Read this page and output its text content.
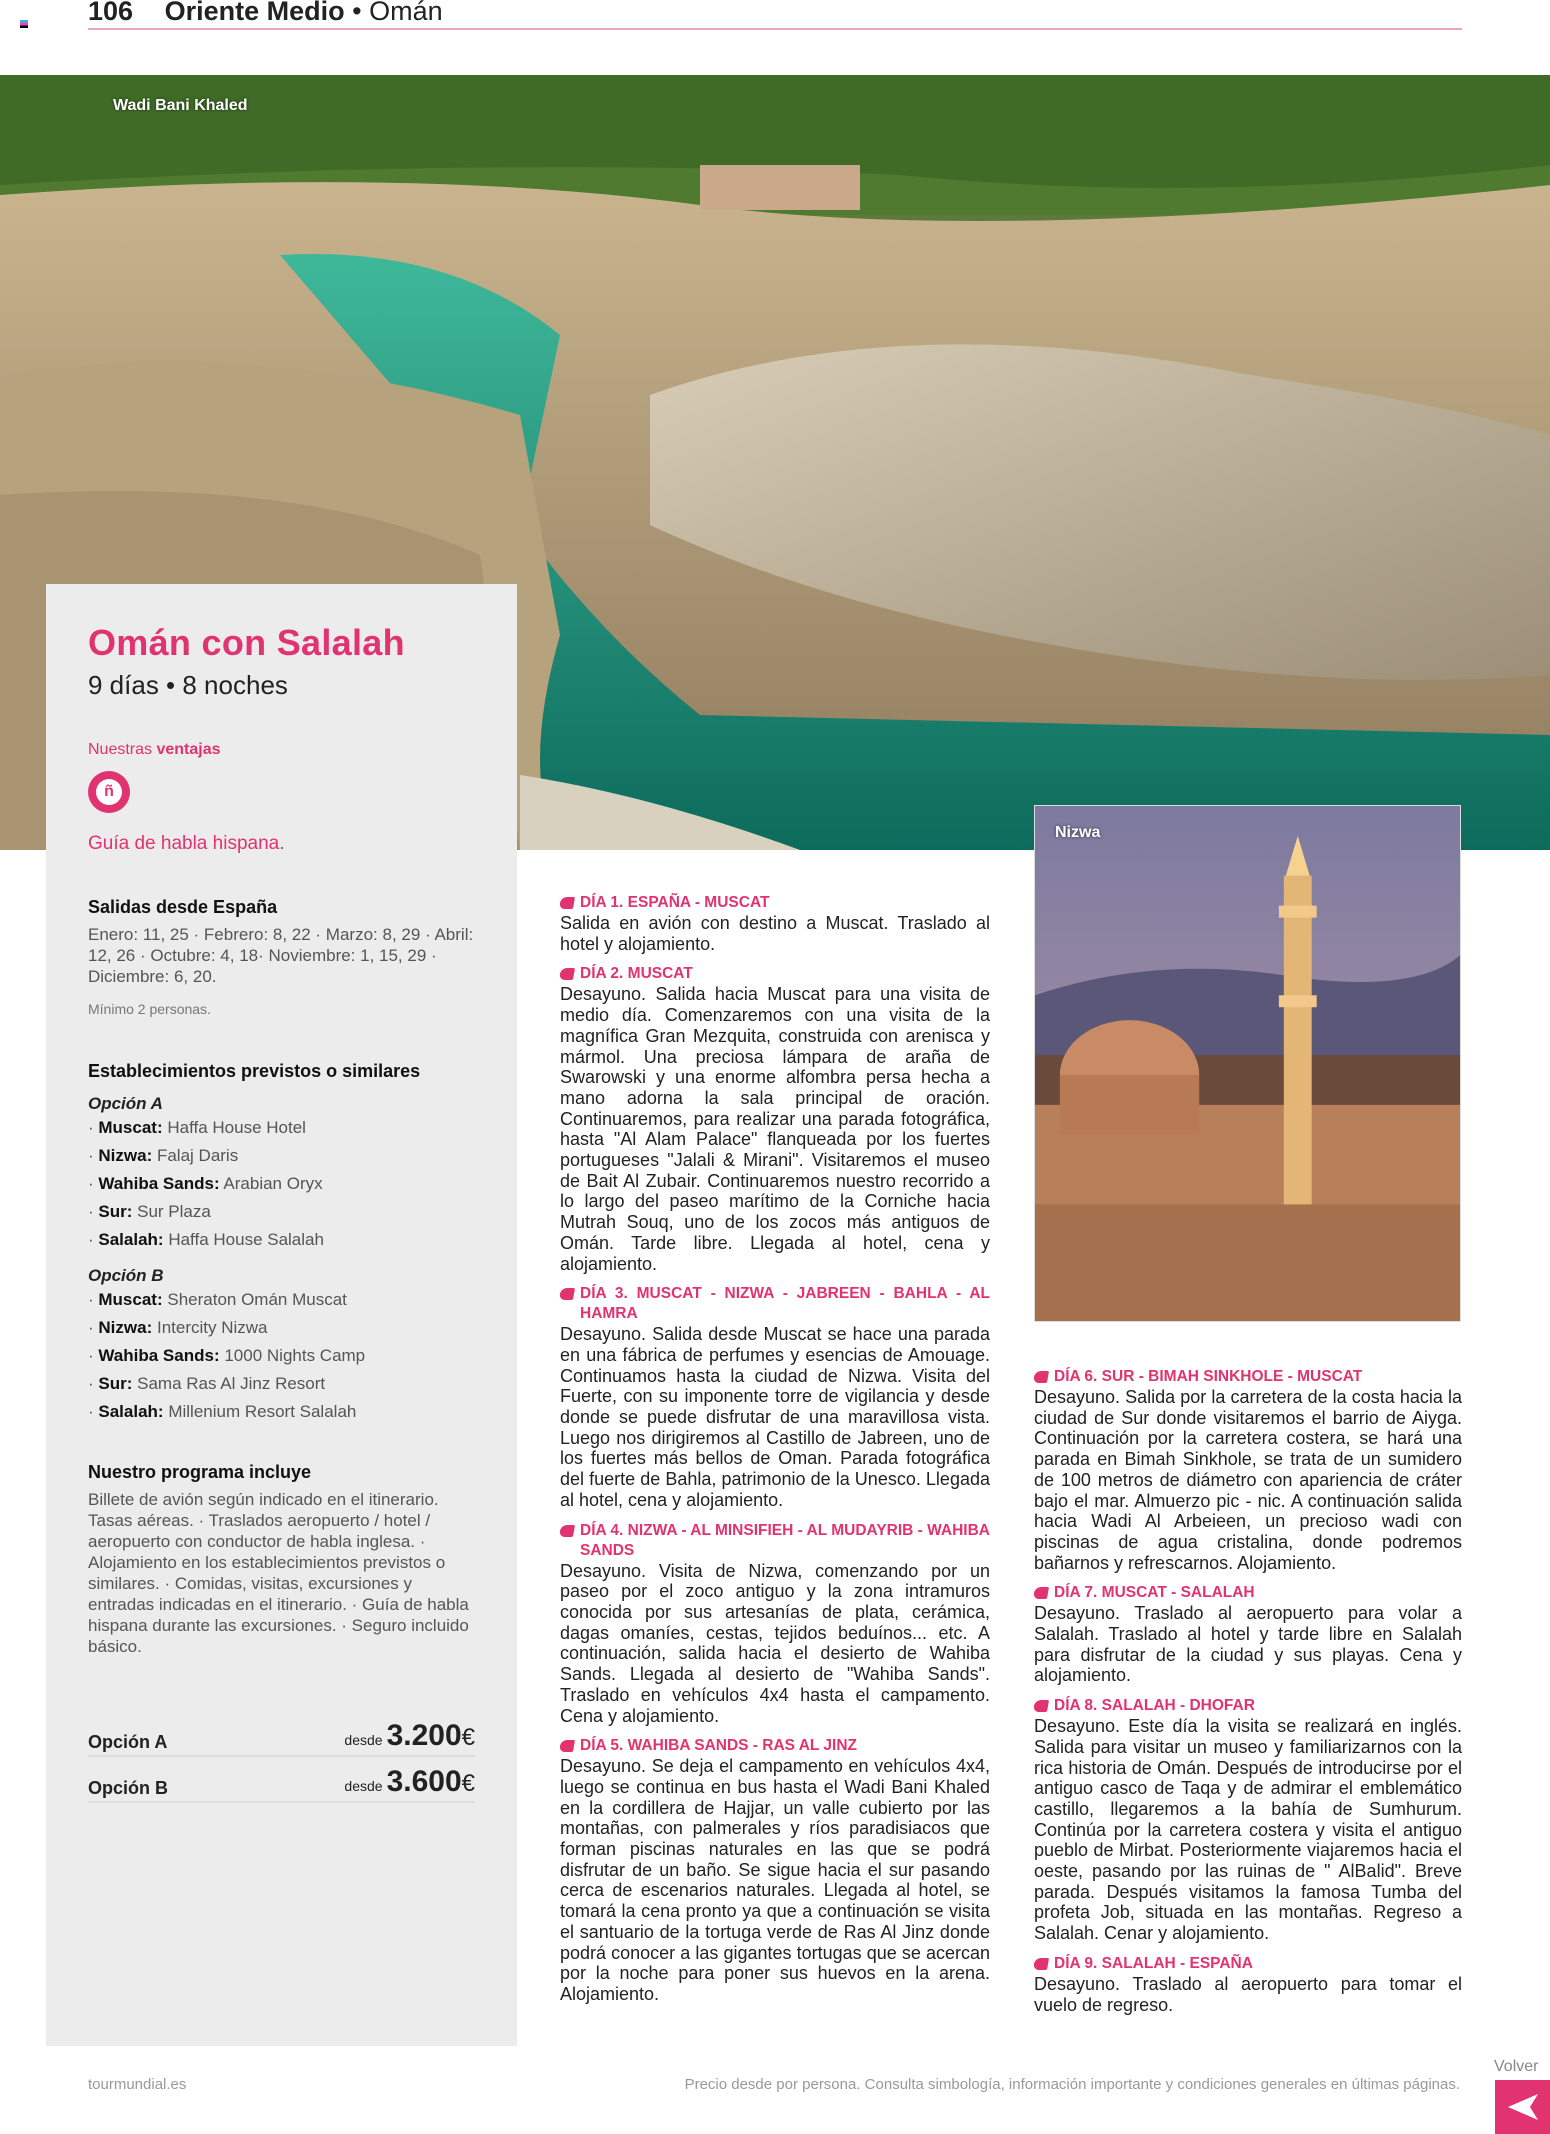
106 Oriente Medio • Omán
Wadi Bani Khaled
Omán con Salalah
9 días • 8 noches
Nuestras ventajas
ñ
Guía de habla hispana.
Salidas desde España
Enero: 11, 25 · Febrero: 8, 22 · Marzo: 8, 29 · Abril: 12, 26 · Octubre: 4, 18· Noviembre: 1, 15, 29 · Diciembre: 6, 20.
Mínimo 2 personas.
Establecimientos previstos o similares
Opción A
· Muscat: Haffa House Hotel
· Nizwa: Falaj Daris
· Wahiba Sands: Arabian Oryx
· Sur: Sur Plaza
· Salalah: Haffa House Salalah
Opción B
· Muscat: Sheraton Omán Muscat
· Nizwa: Intercity Nizwa
· Wahiba Sands: 1000 Nights Camp
· Sur: Sama Ras Al Jinz Resort
· Salalah: Millenium Resort Salalah
Nuestro programa incluye
Billete de avión según indicado en el itinerario. Tasas aéreas. · Traslados aeropuerto / hotel / aeropuerto con conductor de habla inglesa. · Alojamiento en los establecimientos previstos o similares. · Comidas, visitas, excursiones y entradas indicadas en el itinerario. · Guía de habla hispana durante las excursiones. · Seguro incluido básico.
Opción A	desde 3.200€
Opción B	desde 3.600€
DÍA 1. ESPAÑA - MUSCAT
Salida en avión con destino a Muscat. Traslado al hotel y alojamiento.
DÍA 2. MUSCAT
Desayuno. Salida hacia Muscat para una visita de medio día. Comenzaremos con una visita de la magnífica Gran Mezquita, construida con arenisca y mármol. Una preciosa lámpara de araña de Swarowski y una enorme alfombra persa hecha a mano adorna la sala principal de oración. Continuaremos, para realizar una parada fotográfica, hasta "Al Alam Palace" flanqueada por los fuertes portugueses "Jalali & Mirani". Visitaremos el museo de Bait Al Zubair. Continuaremos nuestro recorrido a lo largo del paseo marítimo de la Corniche hacia Mutrah Souq, uno de los zocos más antiguos de Omán. Tarde libre. Llegada al hotel, cena y alojamiento.
DÍA 3. MUSCAT - NIZWA - JABREEN - BAHLA - AL HAMRA
Desayuno. Salida desde Muscat se hace una parada en una fábrica de perfumes y esencias de Amouage. Continuamos hasta la ciudad de Nizwa. Visita del Fuerte, con su imponente torre de vigilancia y desde donde se puede disfrutar de una maravillosa vista. Luego nos dirigiremos al Castillo de Jabreen, uno de los fuertes más bellos de Oman. Parada fotográfica del fuerte de Bahla, patrimonio de la Unesco. Llegada al hotel, cena y alojamiento.
DÍA 4. NIZWA - AL MINSIFIEH - AL MUDAYRIB - WAHIBA SANDS
Desayuno. Visita de Nizwa, comenzando por un paseo por el zoco antiguo y la zona intramuros conocida por sus artesanías de plata, cerámica, dagas omaníes, cestas, tejidos beduínos... etc. A continuación, salida hacia el desierto de Wahiba Sands. Llegada al desierto de "Wahiba Sands". Traslado en vehículos 4x4 hasta el campamento. Cena y alojamiento.
DÍA 5. WAHIBA SANDS - RAS AL JINZ
Desayuno. Se deja el campamento en vehículos 4x4, luego se continua en bus hasta el Wadi Bani Khaled en la cordillera de Hajjar, un valle cubierto por las montañas, con palmerales y ríos paradisiacos que forman piscinas naturales en las que se podrá disfrutar de un baño. Se sigue hacia el sur pasando cerca de escenarios naturales. Llegada al hotel, se tomará la cena pronto ya que a continuación se visita el santuario de la tortuga verde de Ras Al Jinz donde podrá conocer a las gigantes tortugas que se acercan por la noche para poner sus huevos en la arena. Alojamiento.
Nizwa
DÍA 6. SUR - BIMAH SINKHOLE - MUSCAT
Desayuno. Salida por la carretera de la costa hacia la ciudad de Sur donde visitaremos el barrio de Aiyga. Continuación por la carretera costera, se hará una parada en Bimah Sinkhole, se trata de un sumidero de 100 metros de diámetro con apariencia de cráter bajo el mar. Almuerzo pic - nic. A continuación salida hacia Wadi Al Arbeieen, un precioso wadi con piscinas de agua cristalina, donde podremos bañarnos y refrescarnos. Alojamiento.
DÍA 7. MUSCAT - SALALAH
Desayuno. Traslado al aeropuerto para volar a Salalah. Traslado al hotel y tarde libre en Salalah para disfrutar de la ciudad y sus playas. Cena y alojamiento.
DÍA 8. SALALAH - DHOFAR
Desayuno. Este día la visita se realizará en inglés. Salida para visitar un museo y familiarizarnos con la rica historia de Omán. Después de introducirse por el antiguo casco de Taqa y de admirar el emblemático castillo, llegaremos a la bahía de Sumhurum. Continúa por la carretera costera y visita el antiguo pueblo de Mirbat. Posteriormente viajaremos hacia el oeste, pasando por las ruinas de " AlBalid". Breve parada. Después visitamos la famosa Tumba del profeta Job, situada en las montañas. Regreso a Salalah. Cenar y alojamiento.
DÍA 9. SALALAH - ESPAÑA
Desayuno. Traslado al aeropuerto para tomar el vuelo de regreso.
tourmundial.es	Precio desde por persona. Consulta simbología, información importante y condiciones generales en últimas páginas.
Volver
